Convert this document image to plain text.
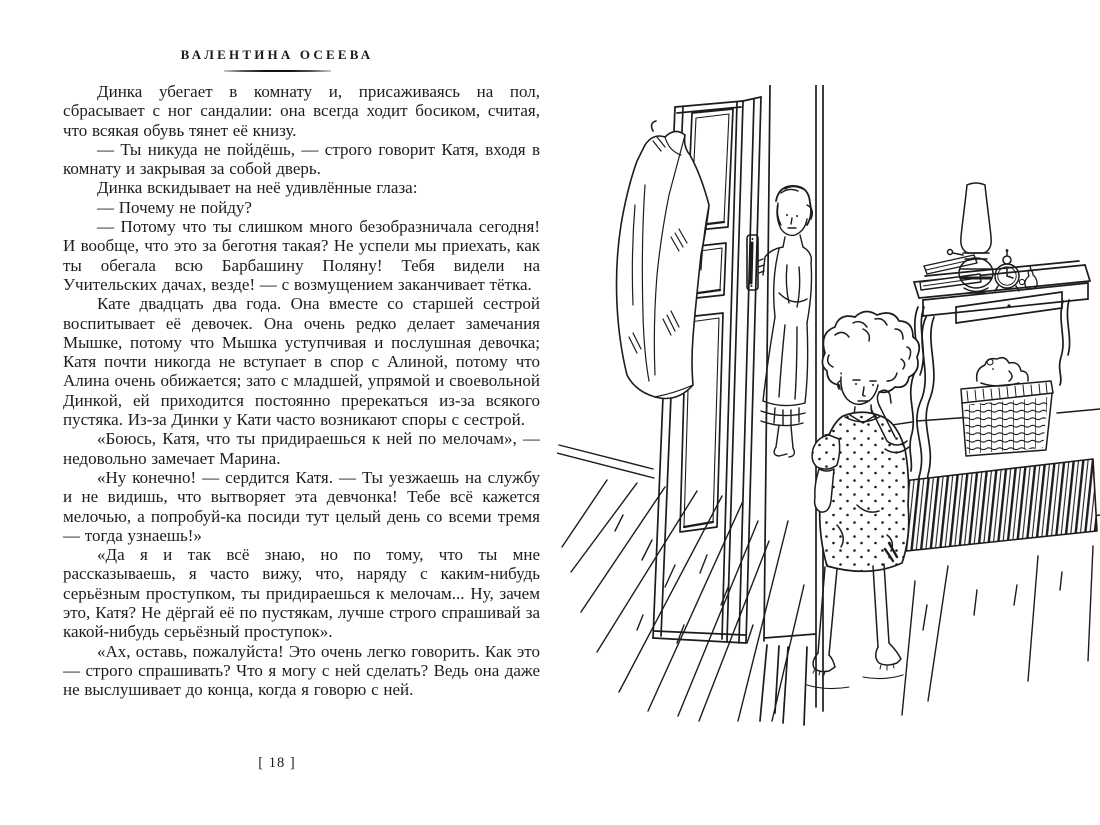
ВАЛЕНТИНА ОСЕЕВА

Динка убегает в комнату и, присаживаясь на пол, сбрасывает с ног сандалии: она всегда ходит босиком, считая, что всякая обувь тянет её книзу.

— Ты никуда не пойдёшь, — строго говорит Катя, входя в комнату и закрывая за собой дверь.

Динка вскидывает на неё удивлённые глаза:

— Почему не пойду?

— Потому что ты слишком много безобразничала сегодня! И вообще, что это за беготня такая? Не успели мы приехать, как ты обегала всю Барбашину Поляну! Тебя видели на Учительских дачах, везде! — с возмущением заканчивает тётка.

Кате двадцать два года. Она вместе со старшей сестрой воспитывает её девочек. Она очень редко делает замечания Мышке, потому что Мышка уступчивая и послушная девочка; Катя почти никогда не вступает в спор с Алиной, потому что Алина очень обижается; зато с младшей, упрямой и своевольной Динкой, ей приходится постоянно пререкаться из-за всякого пустяка. Из-за Динки у Кати часто возникают споры с сестрой.

«Боюсь, Катя, что ты придираешься к ней по мелочам», — недовольно замечает Марина.

«Ну конечно! — сердится Катя. — Ты уезжаешь на службу и не видишь, что вытворяет эта девчонка! Тебе всё кажется мелочью, а попробуй-ка посиди тут целый день со всеми тремя — тогда узнаешь!»

«Да я и так всё знаю, но по тому, что ты мне рассказываешь, я часто вижу, что, наряду с каким-нибудь серьёзным проступком, ты придираешься к мелочам... Ну, зачем это, Катя? Не дёргай её по пустякам, лучше строго спрашивай за какой-нибудь серьёзный проступок».

«Ах, оставь, пожалуйста! Это очень легко говорить. Как это — строго спрашивать? Что я могу с ней сделать? Ведь она даже не выслушивает до конца, когда я говорю с ней.

[ 18 ]
